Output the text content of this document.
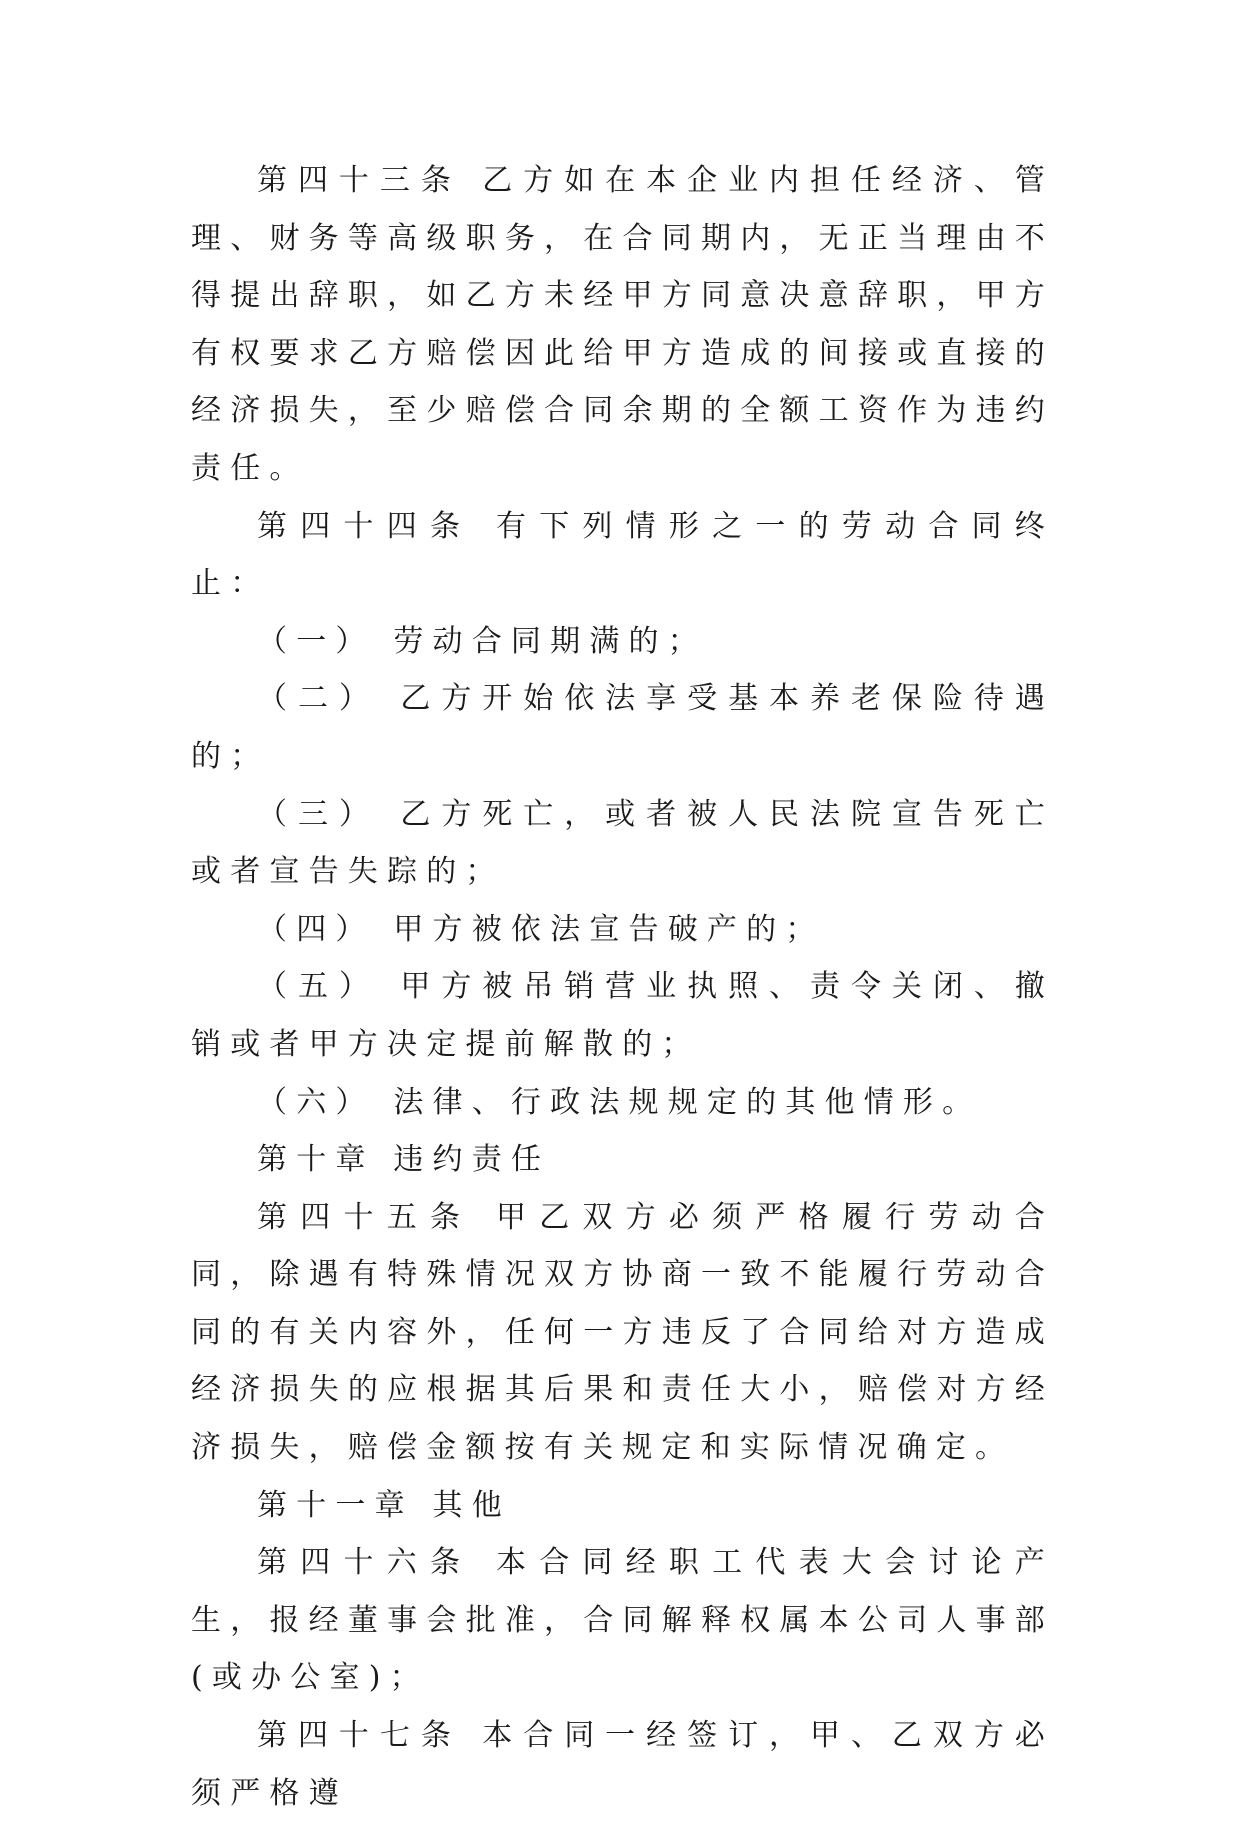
第四十三条 乙方如在本企业内担任经济、管理、财务等高级职务，在合同期内，无正当理由不得提出辞职，如乙方未经甲方同意决意辞职，甲方有权要求乙方赔偿因此给甲方造成的间接或直接的经济损失，至少赔偿合同余期的全额工资作为违约责任。

第四十四条 有下列情形之一的劳动合同终止：

（一） 劳动合同期满的；

（二） 乙方开始依法享受基本养老保险待遇的；

（三） 乙方死亡，或者被人民法院宣告死亡或者宣告失踪的；

（四） 甲方被依法宣告破产的；

（五） 甲方被吊销营业执照、责令关闭、撤销或者甲方决定提前解散的；

（六） 法律、行政法规规定的其他情形。

第十章 违约责任

第四十五条 甲乙双方必须严格履行劳动合同，除遇有特殊情况双方协商一致不能履行劳动合同的有关内容外，任何一方违反了合同给对方造成经济损失的应根据其后果和责任大小，赔偿对方经济损失，赔偿金额按有关规定和实际情况确定。

第十一章 其他

第四十六条 本合同经职工代表大会讨论产生，报经董事会批准，合同解释权属本公司人事部(或办公室)；

第四十七条 本合同一经签订，甲、乙双方必须严格遵
